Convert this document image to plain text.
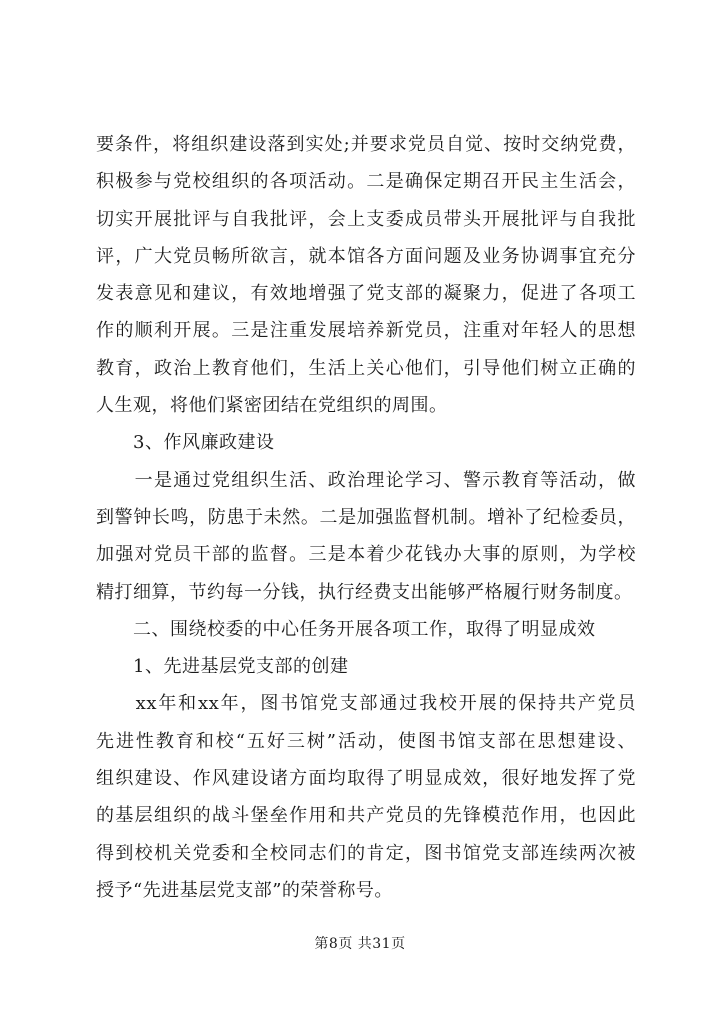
要条件，将组织建设落到实处;并要求党员自觉、按时交纳党费，
积极参与党校组织的各项活动。二是确保定期召开民主生活会，
切实开展批评与自我批评，会上支委成员带头开展批评与自我批
评，广大党员畅所欲言，就本馆各方面问题及业务协调事宜充分
发表意见和建议，有效地增强了党支部的凝聚力，促进了各项工
作的顺利开展。三是注重发展培养新党员，注重对年轻人的思想
教育，政治上教育他们，生活上关心他们，引导他们树立正确的
人生观，将他们紧密团结在党组织的周围。
　　3、作风廉政建设
　　一是通过党组织生活、政治理论学习、警示教育等活动，做
到警钟长鸣，防患于未然。二是加强监督机制。增补了纪检委员，
加强对党员干部的监督。三是本着少花钱办大事的原则，为学校
精打细算，节约每一分钱，执行经费支出能够严格履行财务制度。
　　二、围绕校委的中心任务开展各项工作，取得了明显成效
　　1、先进基层党支部的创建
　　xx年和xx年，图书馆党支部通过我校开展的保持共产党员
先进性教育和校“五好三树”活动，使图书馆支部在思想建设、
组织建设、作风建设诸方面均取得了明显成效，很好地发挥了党
的基层组织的战斗堡垒作用和共产党员的先锋模范作用，也因此
得到校机关党委和全校同志们的肯定，图书馆党支部连续两次被
授予“先进基层党支部”的荣誉称号。
第8页 共31页
